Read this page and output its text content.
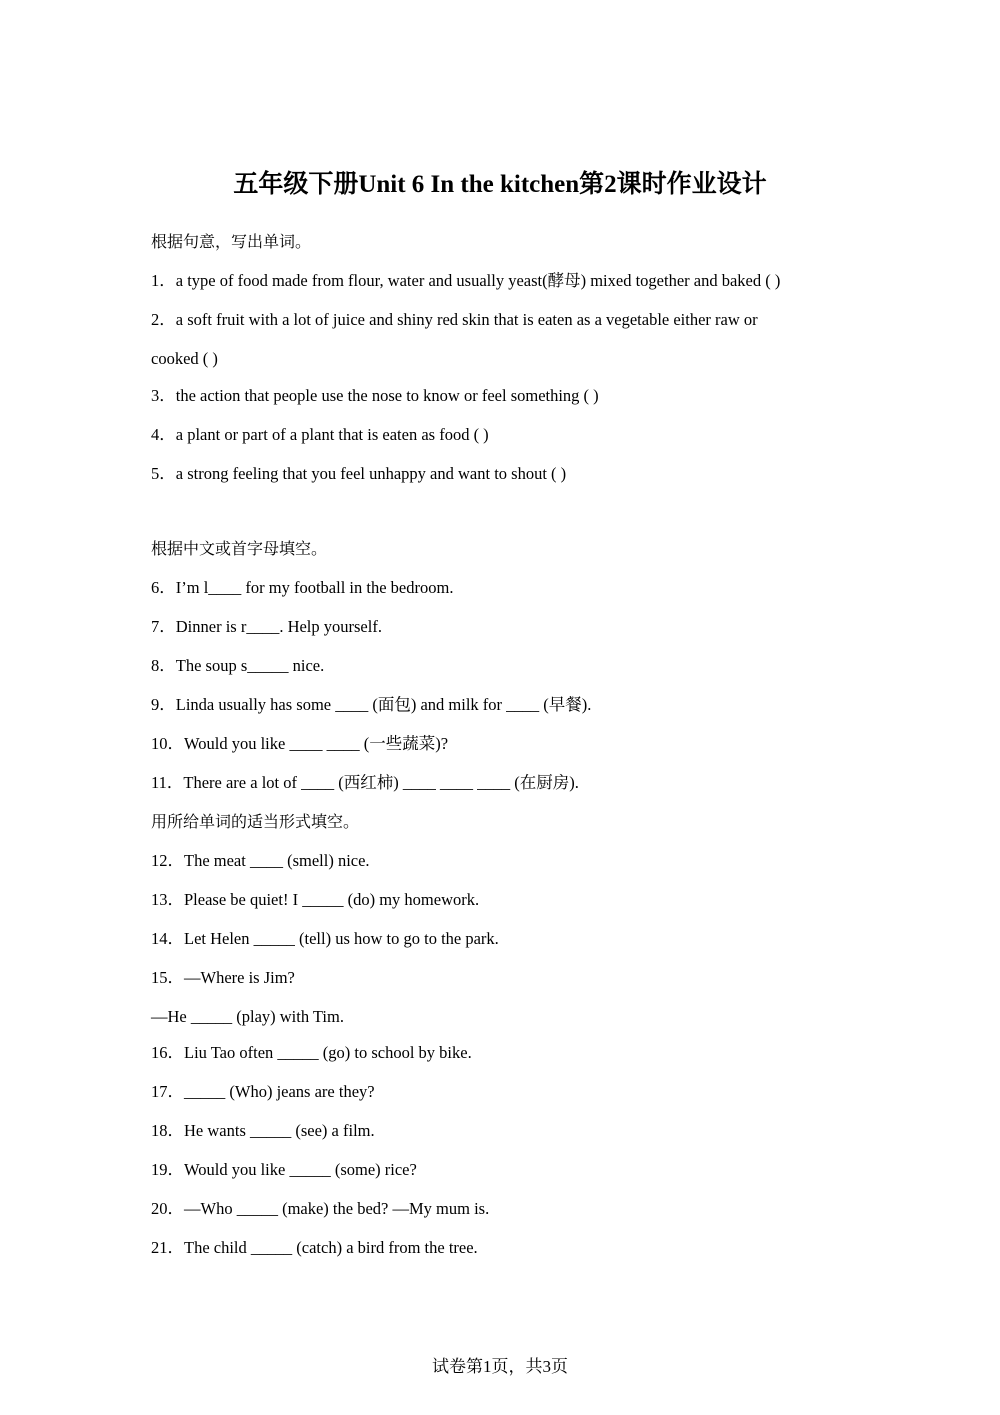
五年级下册Unit 6 In the kitchen第2课时作业设计
根据句意，写出单词。
1．a type of food made from flour, water and usually yeast(酵母) mixed together and baked ( )
2．a soft fruit with a lot of juice and shiny red skin that is eaten as a vegetable either raw or
cooked ( )
3．the action that people use the nose to know or feel something ( )
4．a plant or part of a plant that is eaten as food ( )
5．a strong feeling that you feel unhappy and want to shout ( )
根据中文或首字母填空。
6．I’m l____ for my football in the bedroom.
7．Dinner is r____. Help yourself.
8．The soup s_____ nice.
9．Linda usually has some ____ (面包) and milk for ____ (早餐).
10．Would you like ____ ____ (一些蔬菜)?
11．There are a lot of ____ (西红柿) ____ ____ ____ (在厨房).
用所给单词的适当形式填空。
12．The meat ____ (smell) nice.
13．Please be quiet! I _____ (do) my homework.
14．Let Helen _____ (tell) us how to go to the park.
15．—Where is Jim?
—He _____ (play) with Tim.
16．Liu Tao often _____ (go) to school by bike.
17．_____ (Who) jeans are they?
18．He wants _____ (see) a film.
19．Would you like _____ (some) rice?
20．—Who _____ (make) the bed? —My mum is.
21．The child _____ (catch) a bird from the tree.
试卷第1页，共3页
